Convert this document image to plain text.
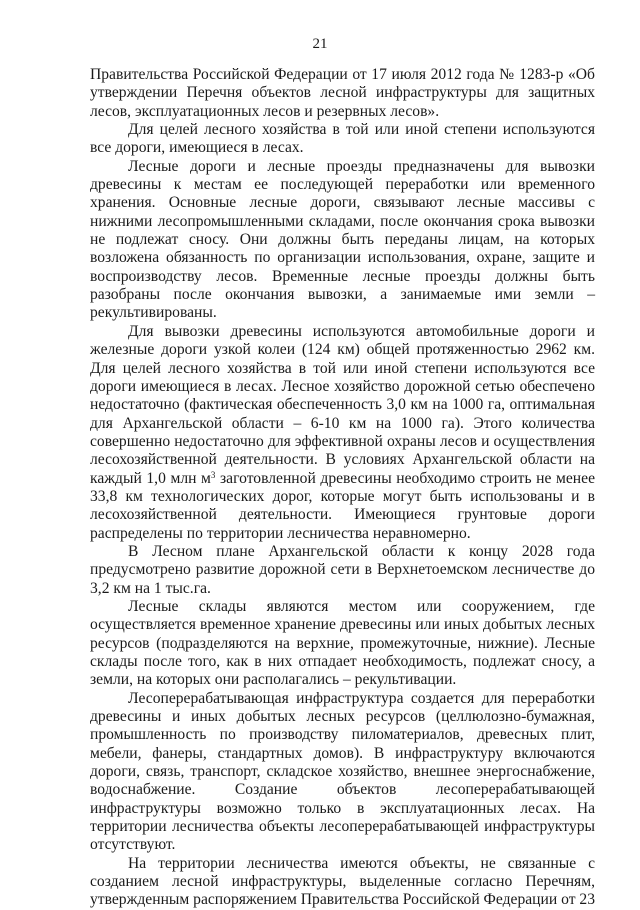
21

Правительства Российской Федерации от 17 июля 2012 года № 1283-р «Об утверждении Перечня объектов лесной инфраструктуры для защитных лесов, эксплуатационных лесов и резервных лесов».

Для целей лесного хозяйства в той или иной степени используются все дороги, имеющиеся в лесах.

Лесные дороги и лесные проезды предназначены для вывозки древесины к местам ее последующей переработки или временного хранения. Основные лесные дороги, связывают лесные массивы с нижними лесопромышленными складами, после окончания срока вывозки не подлежат сносу. Они должны быть переданы лицам, на которых возложена обязанность по организации использования, охране, защите и воспроизводству лесов. Временные лесные проезды должны быть разобраны после окончания вывозки, а занимаемые ими земли – рекультивированы.

Для вывозки древесины используются автомобильные дороги и железные дороги узкой колеи (124 км) общей протяженностью 2962 км. Для целей лесного хозяйства в той или иной степени используются все дороги имеющиеся в лесах. Лесное хозяйство дорожной сетью обеспечено недостаточно (фактическая обеспеченность 3,0 км на 1000 га, оптимальная для Архангельской области – 6-10 км на 1000 га). Этого количества совершенно недостаточно для эффективной охраны лесов и осуществления лесохозяйственной деятельности. В условиях Архангельской области на каждый 1,0 млн $м^3$ заготовленной древесины необходимо строить не менее 33,8 км технологических дорог, которые могут быть использованы и в лесохозяйственной деятельности. Имеющиеся грунтовые дороги распределены по территории лесничества неравномерно.

В Лесном плане Архангельской области к концу 2028 года предусмотрено развитие дорожной сети в Верхнетоемском лесничестве до 3,2 км на 1 тыс.га.

Лесные склады являются местом или сооружением, где осуществляется временное хранение древесины или иных добытых лесных ресурсов (подразделяются на верхние, промежуточные, нижние). Лесные склады после того, как в них отпадает необходимость, подлежат сносу, а земли, на которых они располагались – рекультивации.

Лесоперерабатывающая инфраструктура создается для переработки древесины и иных добытых лесных ресурсов (целлюлозно-бумажная, промышленность по производству пиломатериалов, древесных плит, мебели, фанеры, стандартных домов). В инфраструктуру включаются дороги, связь, транспорт, складское хозяйство, внешнее энергоснабжение, водоснабжение. Создание объектов лесоперерабатывающей инфраструктуры возможно только в эксплуатационных лесах. На территории лесничества объекты лесоперерабатывающей инфраструктуры отсутствуют.

На территории лесничества имеются объекты, не связанные с созданием лесной инфраструктуры, выделенные согласно Перечням, утвержденным распоряжением Правительства Российской Федерации от 23
